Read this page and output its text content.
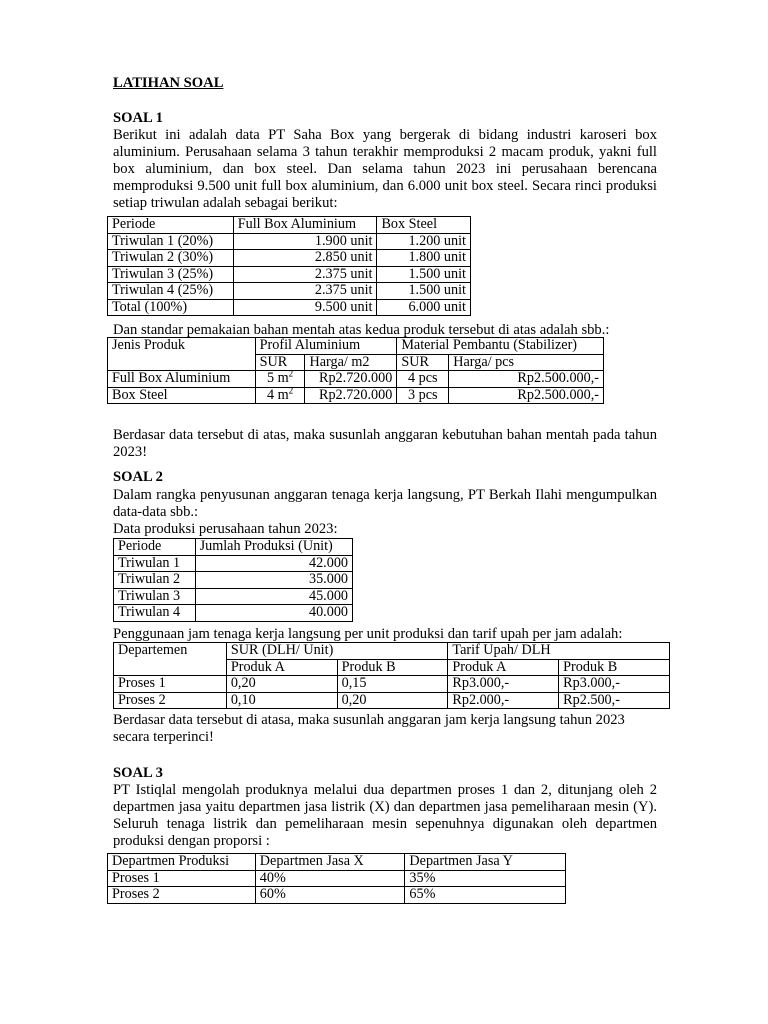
LATIHAN SOAL
SOAL 1
Berikut ini adalah data PT Saha Box yang bergerak di bidang industri karoseri box aluminium. Perusahaan selama 3 tahun terakhir memproduksi 2 macam produk, yakni full box aluminium, dan box steel. Dan selama tahun 2023 ini perusahaan berencana memproduksi 9.500 unit full box aluminium, dan 6.000 unit box steel. Secara rinci produksi setiap triwulan adalah sebagai berikut:
Periode	Full Box Aluminium	Box Steel
Triwulan 1 (20%)	1.900 unit	1.200 unit
Triwulan 2 (30%)	2.850 unit	1.800 unit
Triwulan 3 (25%)	2.375 unit	1.500 unit
Triwulan 4 (25%)	2.375 unit	1.500 unit
Total (100%)	9.500 unit	6.000 unit
Dan standar pemakaian bahan mentah atas kedua produk tersebut di atas adalah sbb.:
Jenis Produk	Profil Aluminium		Material Pembantu (Stabilizer)	
	SUR	Harga/ m2	SUR	Harga/ pcs
Full Box Aluminium	5 $m^2$	Rp2.720.000	4 pcs	Rp2.500.000,-
Box Steel	4 $m^2$	Rp2.720.000	3 pcs	Rp2.500.000,-
Berdasar data tersebut di atas, maka susunlah anggaran kebutuhan bahan mentah pada tahun 2023!
SOAL 2
Dalam rangka penyusunan anggaran tenaga kerja langsung, PT Berkah Ilahi mengumpulkan data-data sbb.:
Data produksi perusahaan tahun 2023:
Periode	Jumlah Produksi (Unit)
Triwulan 1	42.000
Triwulan 2	35.000
Triwulan 3	45.000
Triwulan 4	40.000
Penggunaan jam tenaga kerja langsung per unit produksi dan tarif upah per jam adalah:
Departemen	SUR (DLH/ Unit)		Tarif Upah/ DLH	
	Produk A	Produk B	Produk A	Produk B
Proses 1	0,20	0,15	Rp3.000,-	Rp3.000,-
Proses 2	0,10	0,20	Rp2.000,-	Rp2.500,-
Berdasar data tersebut di atasa, maka susunlah anggaran jam kerja langsung tahun 2023 secara terperinci!
SOAL 3
PT Istiqlal mengolah produknya melalui dua departmen proses 1 dan 2, ditunjang oleh 2 departmen jasa yaitu departmen jasa listrik (X) dan departmen jasa pemeliharaan mesin (Y). Seluruh tenaga listrik dan pemeliharaan mesin sepenuhnya digunakan oleh departmen produksi dengan proporsi :
Departmen Produksi	Departmen Jasa X	Departmen Jasa Y
Proses 1	40%	35%
Proses 2	60%	65%
